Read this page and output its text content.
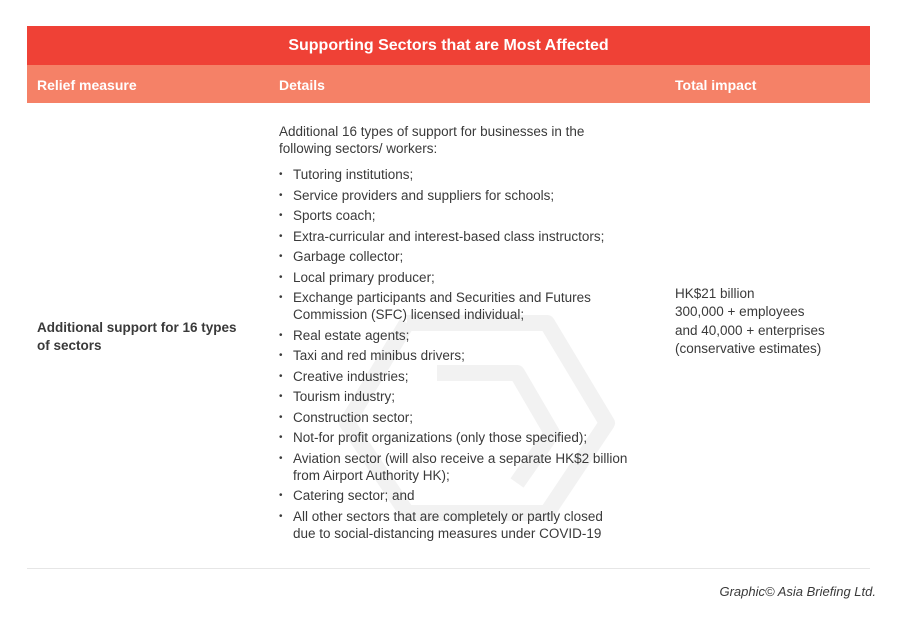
Supporting Sectors that are Most Affected
Relief measure	Details	Total impact
Additional support for 16 types of sectors

Additional 16 types of support for businesses in the following sectors/ workers:

• Tutoring institutions;
• Service providers and suppliers for schools;
• Sports coach;
• Extra-curricular and interest-based class instructors;
• Garbage collector;
• Local primary producer;
• Exchange participants and Securities and Futures Commission (SFC) licensed individual;
• Real estate agents;
• Taxi and red minibus drivers;
• Creative industries;
• Tourism industry;
• Construction sector;
• Not-for profit organizations (only those specified);
• Aviation sector (will also receive a separate HK$2 billion from Airport Authority HK);
• Catering sector; and
• All other sectors that are completely or partly closed due to social-distancing measures under COVID-19
HK$21 billion
300,000 + employees
and 40,000 + enterprises
(conservative estimates)
Graphic© Asia Briefing Ltd.
